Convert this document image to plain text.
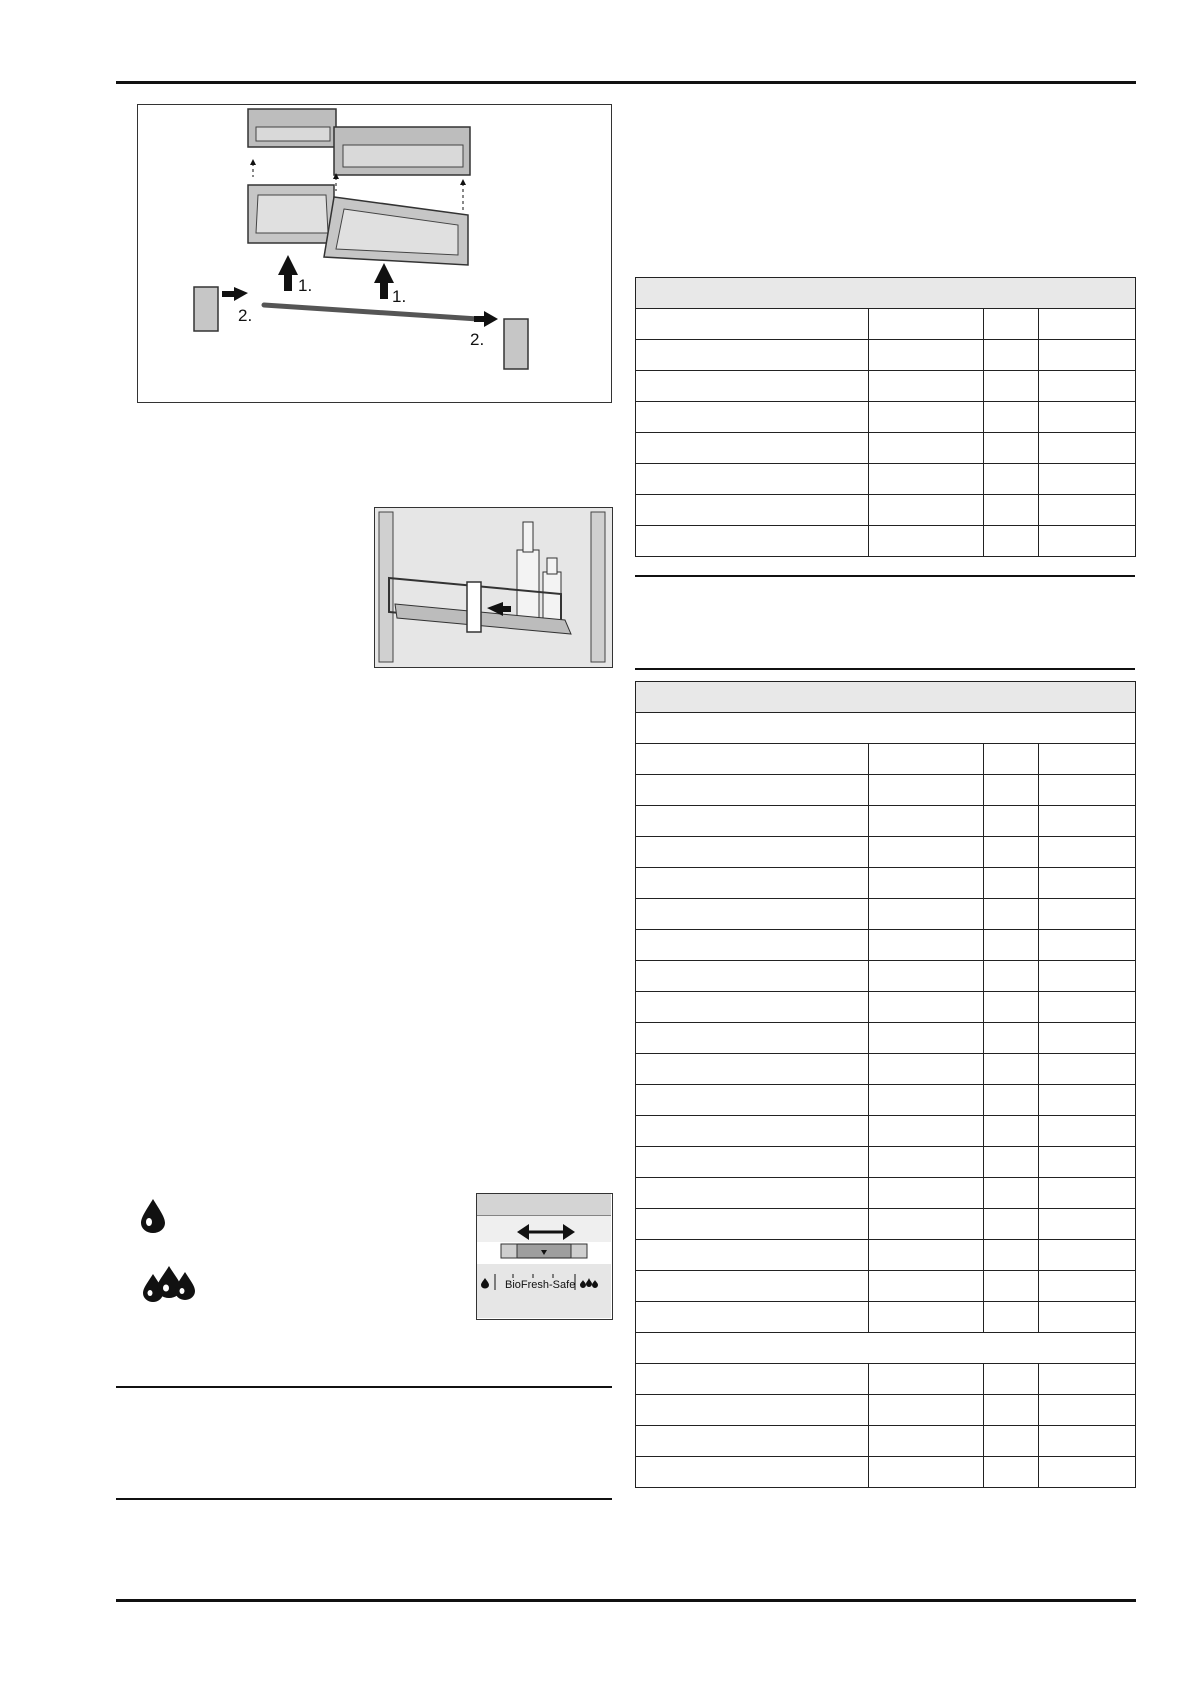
1.
1.
2.
2.
BioFresh-Safe
